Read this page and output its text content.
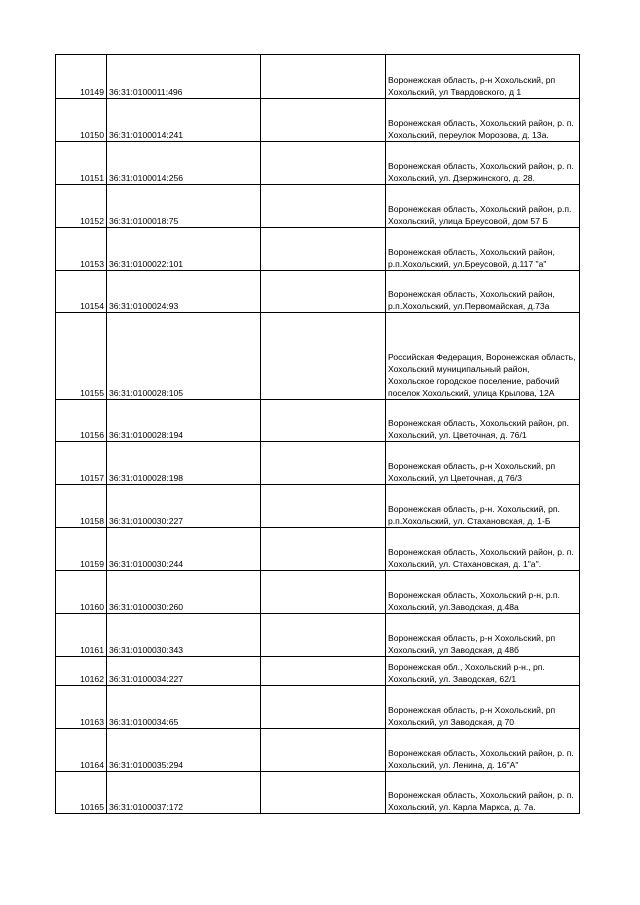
10149	36:31:0100011:496		Воронежская область, р-н Хохольский, рп Хохольский, ул Твардовского, д 1
10150	36:31:0100014:241		Воронежская область, Хохольский район, р. п. Хохольский, переулок Морозова, д. 13а.
10151	36:31:0100014:256		Воронежская область, Хохольский район, р. п. Хохольский, ул. Дзержинского, д. 28.
10152	36:31:0100018:75		Воронежская область, Хохольский район, р.п. Хохольский, улица Бреусовой, дом 57 Б
10153	36:31:0100022:101		Воронежская область, Хохольский район, р.п.Хохольский, ул.Бреусовой, д.117 "а"
10154	36:31:0100024:93		Воронежская область, Хохольский район, р.п.Хохольский, ул.Первомайская, д.73а
10155	36:31:0100028:105		Российская Федерация, Воронежская область, Хохольский муниципальный район, Хохольское городское поселение, рабочий поселок Хохольский, улица Крылова, 12А
10156	36:31:0100028:194		Воронежская область, Хохольский район, рп. Хохольский, ул. Цветочная, д. 76/1
10157	36:31:0100028:198		Воронежская область, р-н Хохольский, рп Хохольский, ул Цветочная, д 76/3
10158	36:31:0100030:227		Воронежская область, р-н. Хохольский, рп. р.п.Хохольский, ул. Стахановская, д. 1-Б
10159	36:31:0100030:244		Воронежская область, Хохольский район, р. п. Хохольский, ул. Стахановская, д. 1"а".
10160	36:31:0100030:260		Воронежская область, Хохольский р-н, р.п. Хохольский, ул.Заводская, д.48а
10161	36:31:0100030:343		Воронежская область, р-н Хохольский, рп Хохольский, ул Заводская, д 48б
10162	36:31:0100034:227		Воронежская обл., Хохольский р-н., рп. Хохольский, ул. Заводская, 62/1
10163	36:31:0100034:65		Воронежская область, р-н Хохольский, рп Хохольский, ул Заводская, д 70
10164	36:31:0100035:294		Воронежская область, Хохольский район, р. п. Хохольский, ул. Ленина, д. 16"А"
10165	36:31:0100037:172		Воронежская область, Хохольский район, р. п. Хохольский, ул. Карла Маркса, д. 7а.
